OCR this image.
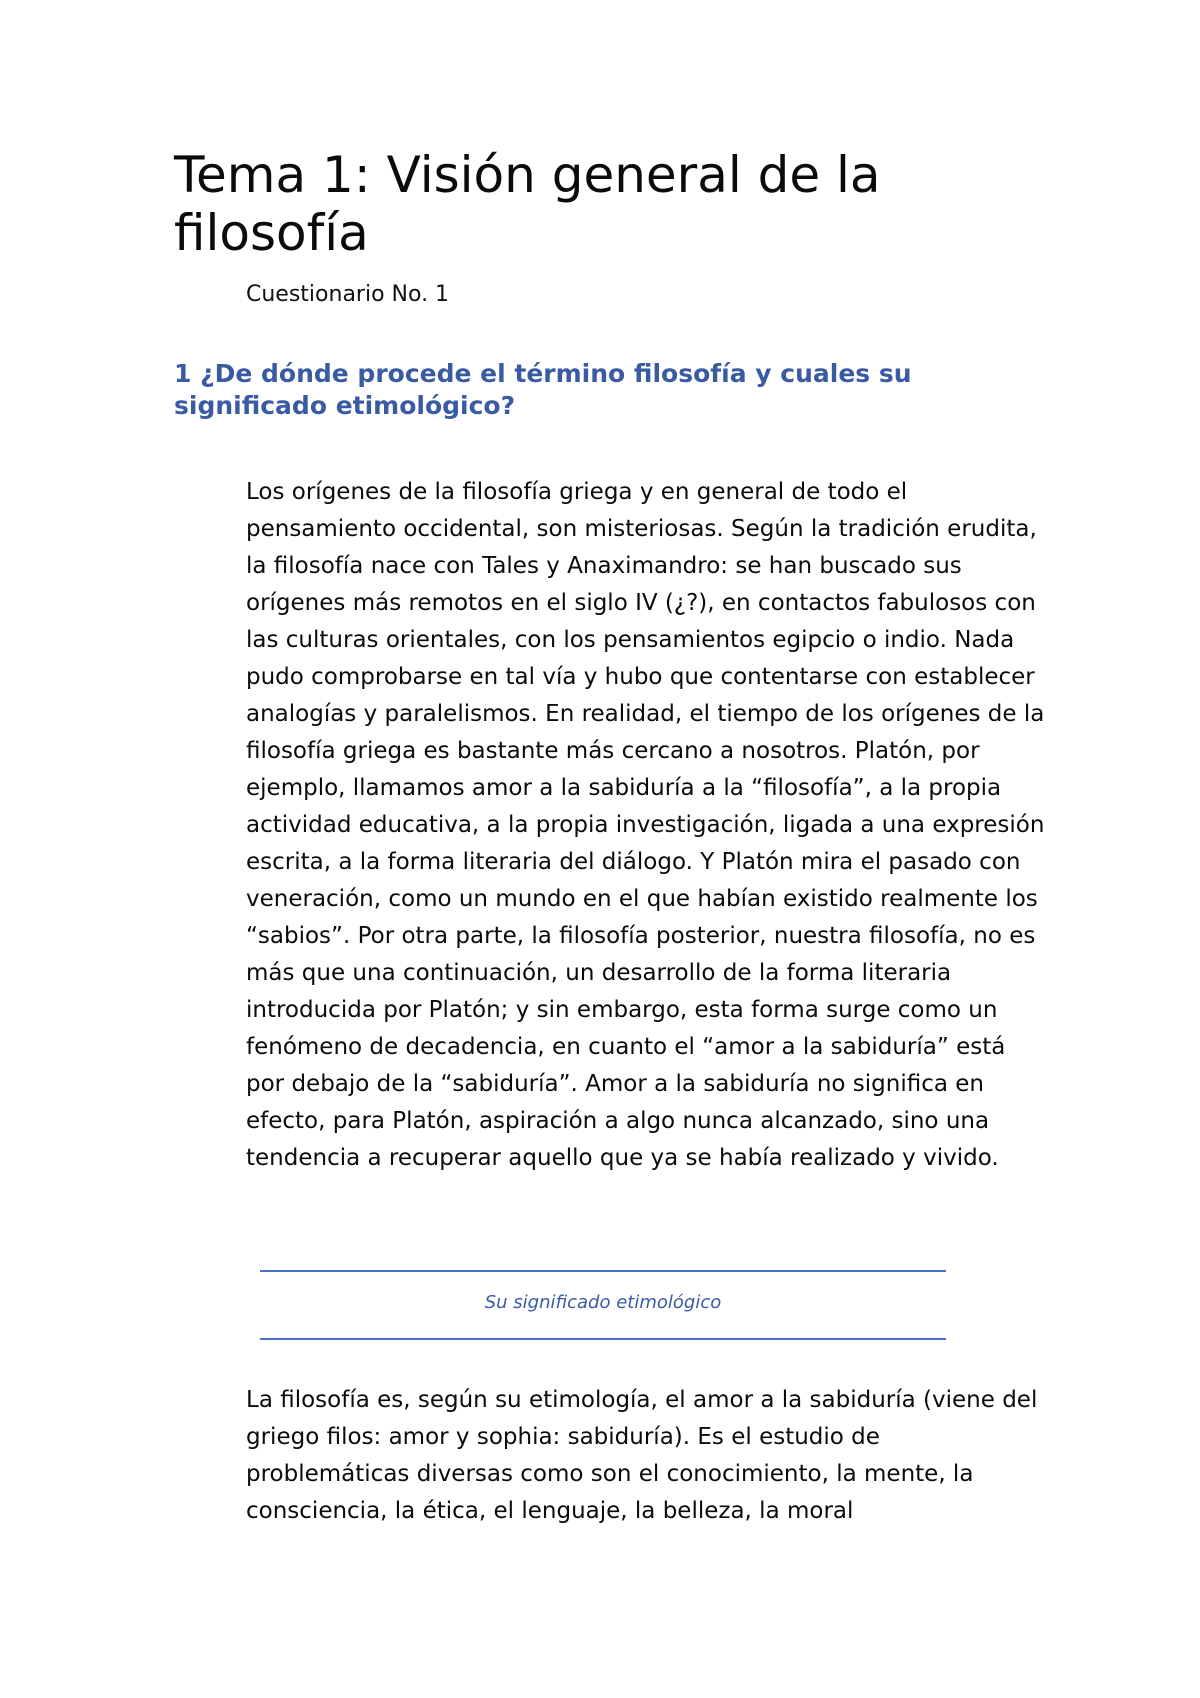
Tema 1: Visión general de la filosofía

Cuestionario No. 1

1 ¿De dónde procede el término filosofía y cuales su significado etimológico?

Los orígenes de la filosofía griega y en general de todo el pensamiento occidental, son misteriosas. Según la tradición erudita, la filosofía nace con Tales y Anaximandro: se han buscado sus orígenes más remotos en el siglo IV (¿?), en contactos fabulosos con las culturas orientales, con los pensamientos egipcio o indio. Nada pudo comprobarse en tal vía y hubo que contentarse con establecer analogías y paralelismos. En realidad, el tiempo de los orígenes de la filosofía griega es bastante más cercano a nosotros. Platón, por ejemplo, llamamos amor a la sabiduría a la “filosofía”, a la propia actividad educativa, a la propia investigación, ligada a una expresión escrita, a la forma literaria del diálogo. Y Platón mira el pasado con veneración, como un mundo en el que habían existido realmente los “sabios”. Por otra parte, la filosofía posterior, nuestra filosofía, no es más que una continuación, un desarrollo de la forma literaria introducida por Platón; y sin embargo, esta forma surge como un fenómeno de decadencia, en cuanto el “amor a la sabiduría” está por debajo de la “sabiduría”. Amor a la sabiduría no significa en efecto, para Platón, aspiración a algo nunca alcanzado, sino una tendencia a recuperar aquello que ya se había realizado y vivido.

Su significado etimológico

La filosofía es, según su etimología, el amor a la sabiduría (viene del griego filos: amor y sophia: sabiduría). Es el estudio de problemáticas diversas como son el conocimiento, la mente, la consciencia, la ética, el lenguaje, la belleza, la moral
